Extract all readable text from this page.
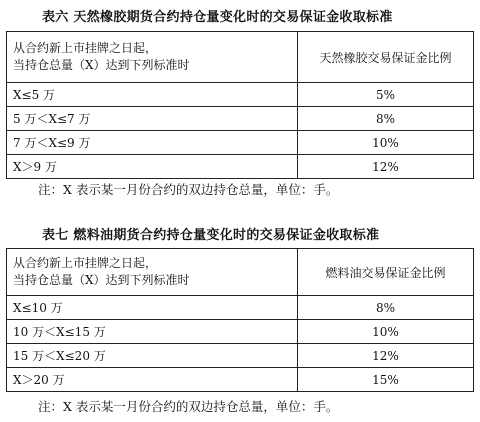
表六 天然橡胶期货合约持仓量变化时的交易保证金收取标准
从合约新上市挂牌之日起，
当持仓总量（X）达到下列标准时	天然橡胶交易保证金比例
X≤5 万	5%
5 万＜X≤7 万	8%
7 万＜X≤9 万	10%
X＞9 万	12%
注：X 表示某一月份合约的双边持仓总量，单位：手。
表七 燃料油期货合约持仓量变化时的交易保证金收取标准
从合约新上市挂牌之日起，
当持仓总量（X）达到下列标准时	燃料油交易保证金比例
X≤10 万	8%
10 万＜X≤15 万	10%
15 万＜X≤20 万	12%
X＞20 万	15%
注：X 表示某一月份合约的双边持仓总量，单位：手。
